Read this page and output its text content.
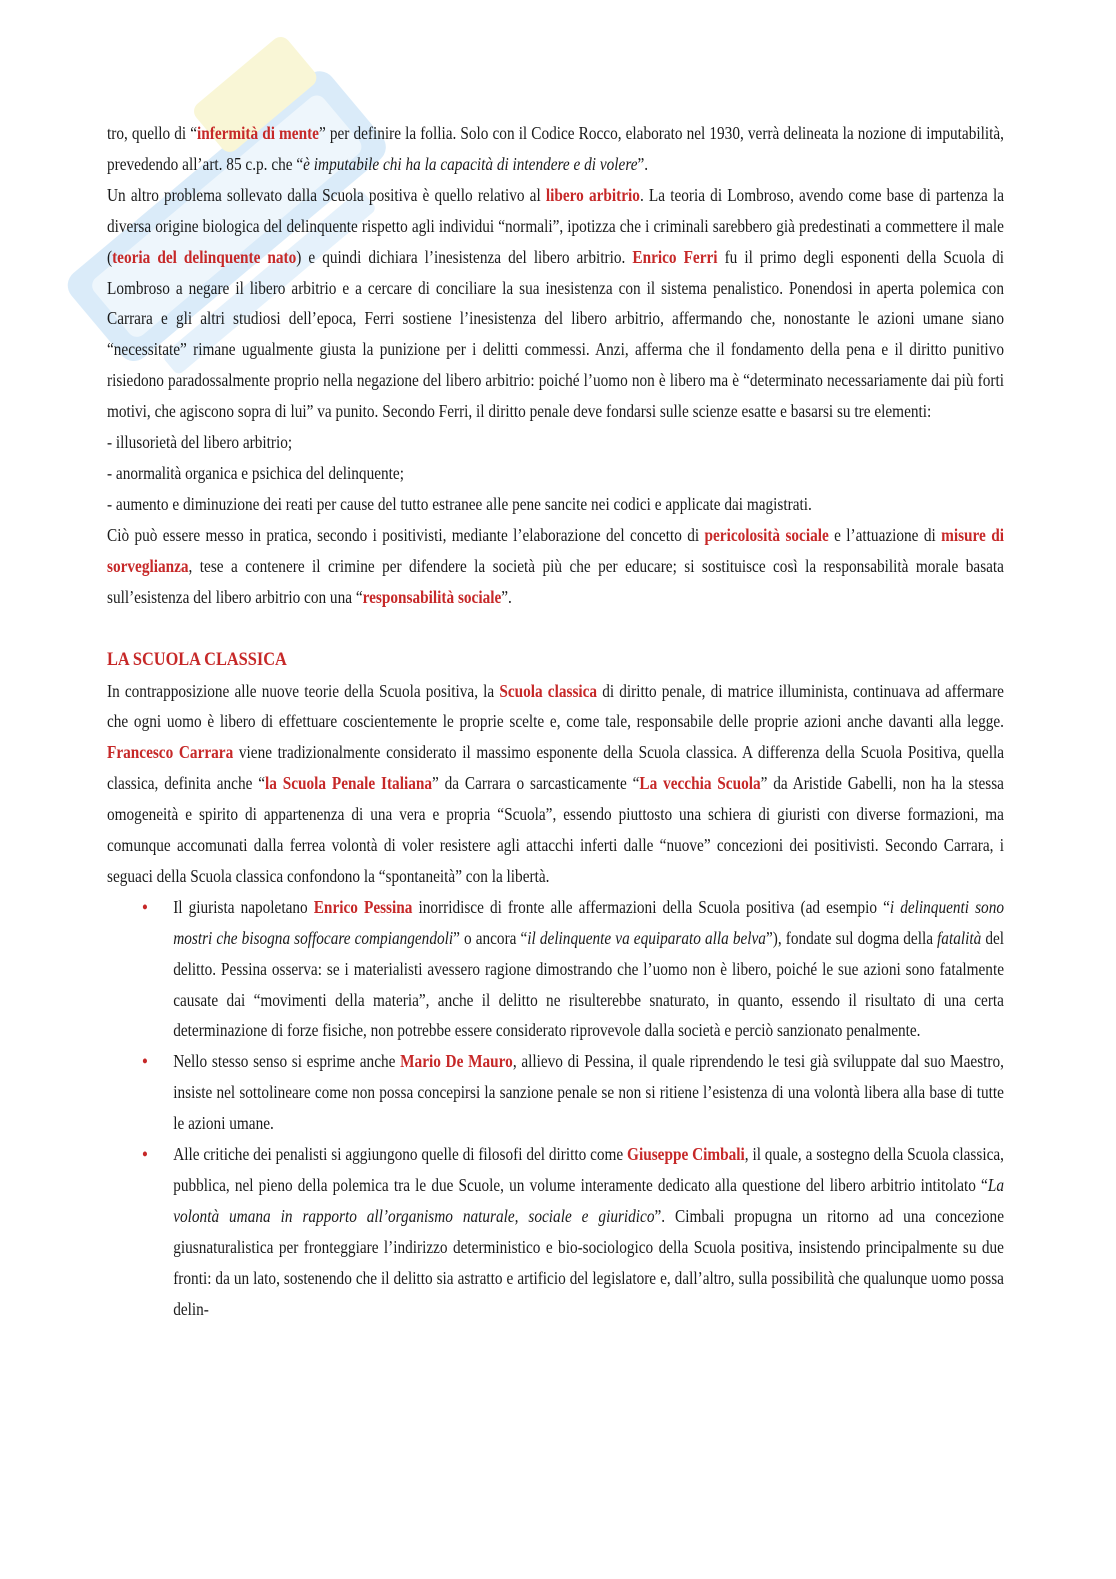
tro, quello di “infermità di mente” per definire la follia. Solo con il Codice Rocco, elaborato nel 1930, verrà delineata la nozione di imputabilità, prevedendo all’art. 85 c.p. che “è imputabile chi ha la capacità di intendere e di volere”.

Un altro problema sollevato dalla Scuola positiva è quello relativo al libero arbitrio. La teoria di Lombroso, avendo come base di partenza la diversa origine biologica del delinquente rispetto agli individui “normali”, ipotizza che i criminali sarebbero già predestinati a commettere il male (teoria del delinquente nato) e quindi dichiara l’inesistenza del libero arbitrio. Enrico Ferri fu il primo degli esponenti della Scuola di Lombroso a negare il libero arbitrio e a cercare di conciliare la sua inesistenza con il sistema penalistico. Ponendosi in aperta polemica con Carrara e gli altri studiosi dell’epoca, Ferri sostiene l’inesistenza del libero arbitrio, affermando che, nonostante le azioni umane siano “necessitate” rimane ugualmente giusta la punizione per i delitti commessi. Anzi, afferma che il fondamento della pena e il diritto punitivo risiedono paradossalmente proprio nella negazione del libero arbitrio: poiché l’uomo non è libero ma è “determinato necessariamente dai più forti motivi, che agiscono sopra di lui” va punito. Secondo Ferri, il diritto penale deve fondarsi sulle scienze esatte e basarsi su tre elementi:

- illusorietà del libero arbitrio;

- anormalità organica e psichica del delinquente;

- aumento e diminuzione dei reati per cause del tutto estranee alle pene sancite nei codici e applicate dai magistrati.

Ciò può essere messo in pratica, secondo i positivisti, mediante l’elaborazione del concetto di pericolosità sociale e l’attuazione di misure di sorveglianza, tese a contenere il crimine per difendere la società più che per educare; si sostituisce così la responsabilità morale basata sull’esistenza del libero arbitrio con una “responsabilità sociale”.

LA SCUOLA CLASSICA

In contrapposizione alle nuove teorie della Scuola positiva, la Scuola classica di diritto penale, di matrice illuminista, continuava ad affermare che ogni uomo è libero di effettuare coscientemente le proprie scelte e, come tale, responsabile delle proprie azioni anche davanti alla legge. Francesco Carrara viene tradizionalmente considerato il massimo esponente della Scuola classica. A differenza della Scuola Positiva, quella classica, definita anche “la Scuola Penale Italiana” da Carrara o sarcasticamente “La vecchia Scuola” da Aristide Gabelli, non ha la stessa omogeneità e spirito di appartenenza di una vera e propria “Scuola”, essendo piuttosto una schiera di giuristi con diverse formazioni, ma comunque accomunati dalla ferrea volontà di voler resistere agli attacchi inferti dalle “nuove” concezioni dei positivisti. Secondo Carrara, i seguaci della Scuola classica confondono la “spontaneità” con la libertà.

• Il giurista napoletano Enrico Pessina inorridisce di fronte alle affermazioni della Scuola positiva (ad esempio “i delinquenti sono mostri che bisogna soffocare compiangendoli” o ancora “il delinquente va equiparato alla belva”), fondate sul dogma della fatalità del delitto. Pessina osserva: se i materialisti avessero ragione dimostrando che l’uomo non è libero, poiché le sue azioni sono fatalmente causate dai “movimenti della materia”, anche il delitto ne risulterebbe snaturato, in quanto, essendo il risultato di una certa determinazione di forze fisiche, non potrebbe essere considerato riprovevole dalla società e perciò sanzionato penalmente.
• Nello stesso senso si esprime anche Mario De Mauro, allievo di Pessina, il quale riprendendo le tesi già sviluppate dal suo Maestro, insiste nel sottolineare come non possa concepirsi la sanzione penale se non si ritiene l’esistenza di una volontà libera alla base di tutte le azioni umane.
• Alle critiche dei penalisti si aggiungono quelle di filosofi del diritto come Giuseppe Cimbali, il quale, a sostegno della Scuola classica, pubblica, nel pieno della polemica tra le due Scuole, un volume interamente dedicato alla questione del libero arbitrio intitolato “La volontà umana in rapporto all’organismo naturale, sociale e giuridico”. Cimbali propugna un ritorno ad una concezione giusnaturalistica per fronteggiare l’indirizzo deterministico e bio-sociologico della Scuola positiva, insistendo principalmente su due fronti: da un lato, sostenendo che il delitto sia astratto e artificio del legislatore e, dall’altro, sulla possibilità che qualunque uomo possa delin-
